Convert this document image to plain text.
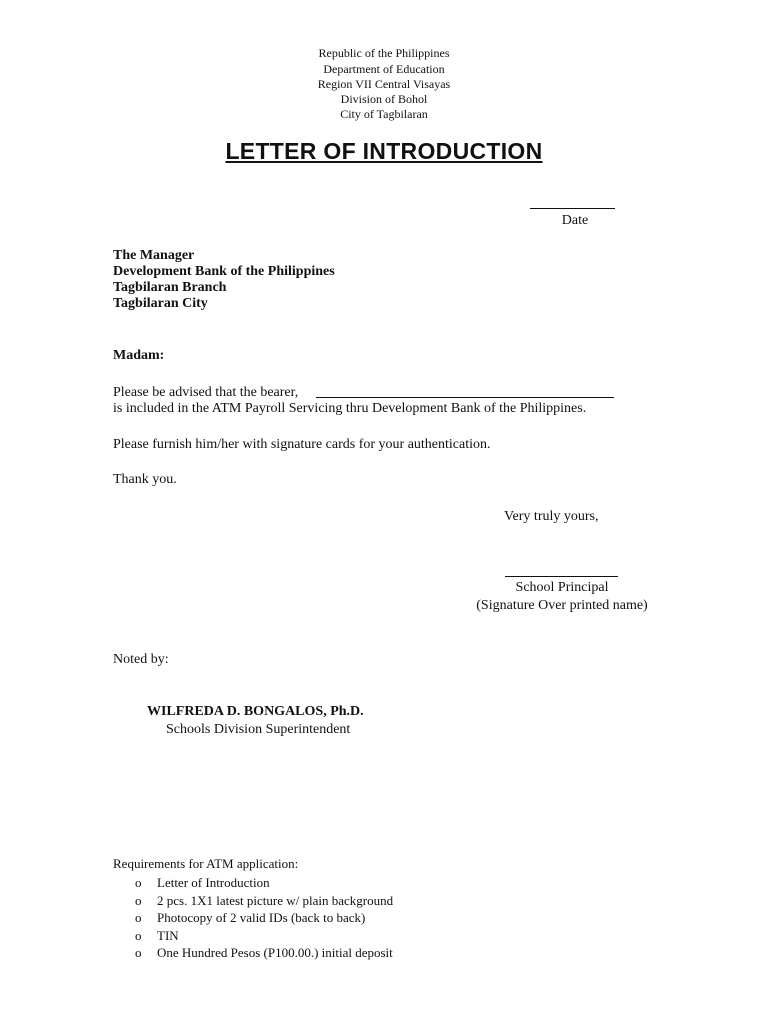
Republic of the Philippines
Department of Education
Region VII Central Visayas
Division of Bohol
City of Tagbilaran
LETTER OF INTRODUCTION
Date
The Manager
Development Bank of the Philippines
Tagbilaran Branch
Tagbilaran City
Madam:
Please be advised that the bearer,
is included in the ATM Payroll Servicing thru Development Bank of the Philippines.
Please furnish him/her with signature cards for your authentication.
Thank you.
Very truly yours,
School Principal
(Signature Over printed name)
Noted by:
WILFREDA D. BONGALOS, Ph.D.
Schools Division Superintendent
Requirements for ATM application:
o Letter of Introduction
o 2 pcs. 1X1 latest picture w/ plain background
o Photocopy of 2 valid IDs (back to back)
o TIN
o One Hundred Pesos (P100.00.) initial deposit
